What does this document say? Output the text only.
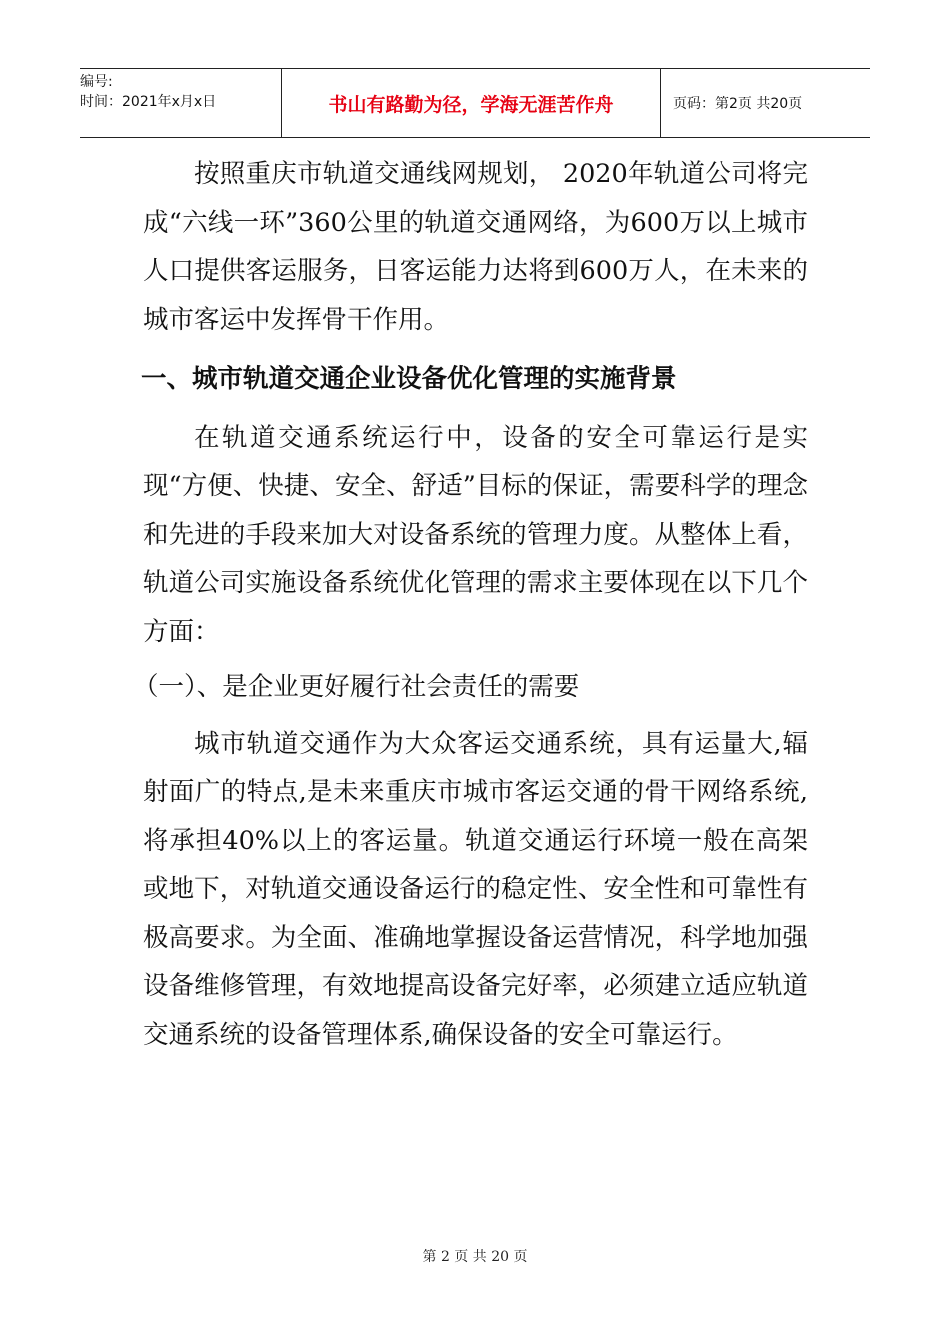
编号:
时间：2021年x月x日	书山有路勤为径，学海无涯苦作舟	页码：第2页 共20页

按照重庆市轨道交通线网规划， 2020年轨道公司将完成“六线一环”360公里的轨道交通网络，为600万以上城市人口提供客运服务，日客运能力达将到600万人，在未来的城市客运中发挥骨干作用。

一、城市轨道交通企业设备优化管理的实施背景

在轨道交通系统运行中，设备的安全可靠运行是实现“方便、快捷、安全、舒适”目标的保证，需要科学的理念和先进的手段来加大对设备系统的管理力度。从整体上看，轨道公司实施设备系统优化管理的需求主要体现在以下几个方面：

（一）、是企业更好履行社会责任的需要

城市轨道交通作为大众客运交通系统，具有运量大,辐射面广的特点,是未来重庆市城市客运交通的骨干网络系统,将承担40%以上的客运量。轨道交通运行环境一般在高架或地下，对轨道交通设备运行的稳定性、安全性和可靠性有极高要求。为全面、准确地掌握设备运营情况，科学地加强设备维修管理，有效地提高设备完好率，必须建立适应轨道交通系统的设备管理体系,确保设备的安全可靠运行。

第 2 页 共 20 页
